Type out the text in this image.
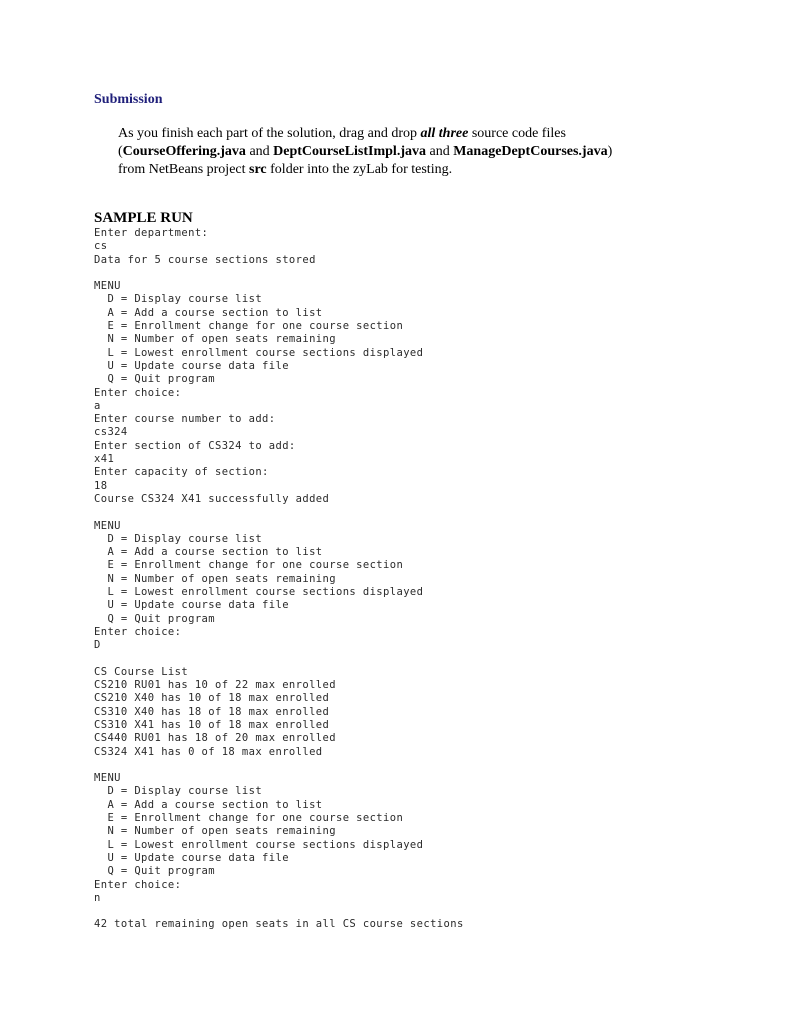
Submission
As you finish each part of the solution, drag and drop all three source code files
(CourseOffering.java and DeptCourseListImpl.java and ManageDeptCourses.java)
from NetBeans project src folder into the zyLab for testing.
SAMPLE RUN
Enter department:
cs
Data for 5 course sections stored
MENU
D = Display course list
A = Add a course section to list
E = Enrollment change for one course section
N = Number of open seats remaining
L = Lowest enrollment course sections displayed
U = Update course data file
Q = Quit program
Enter choice:
a
Enter course number to add:
cs324
Enter section of CS324 to add:
x41
Enter capacity of section:
18
Course CS324 X41 successfully added
MENU
D = Display course list
A = Add a course section to list
E = Enrollment change for one course section
N = Number of open seats remaining
L = Lowest enrollment course sections displayed
U = Update course data file
Q = Quit program
Enter choice:
D
CS Course List
CS210 RU01 has 10 of 22 max enrolled
CS210 X40 has 10 of 18 max enrolled
CS310 X40 has 18 of 18 max enrolled
CS310 X41 has 10 of 18 max enrolled
CS440 RU01 has 18 of 20 max enrolled
CS324 X41 has 0 of 18 max enrolled
MENU
D = Display course list
A = Add a course section to list
E = Enrollment change for one course section
N = Number of open seats remaining
L = Lowest enrollment course sections displayed
U = Update course data file
Q = Quit program
Enter choice:
n
42 total remaining open seats in all CS course sections
